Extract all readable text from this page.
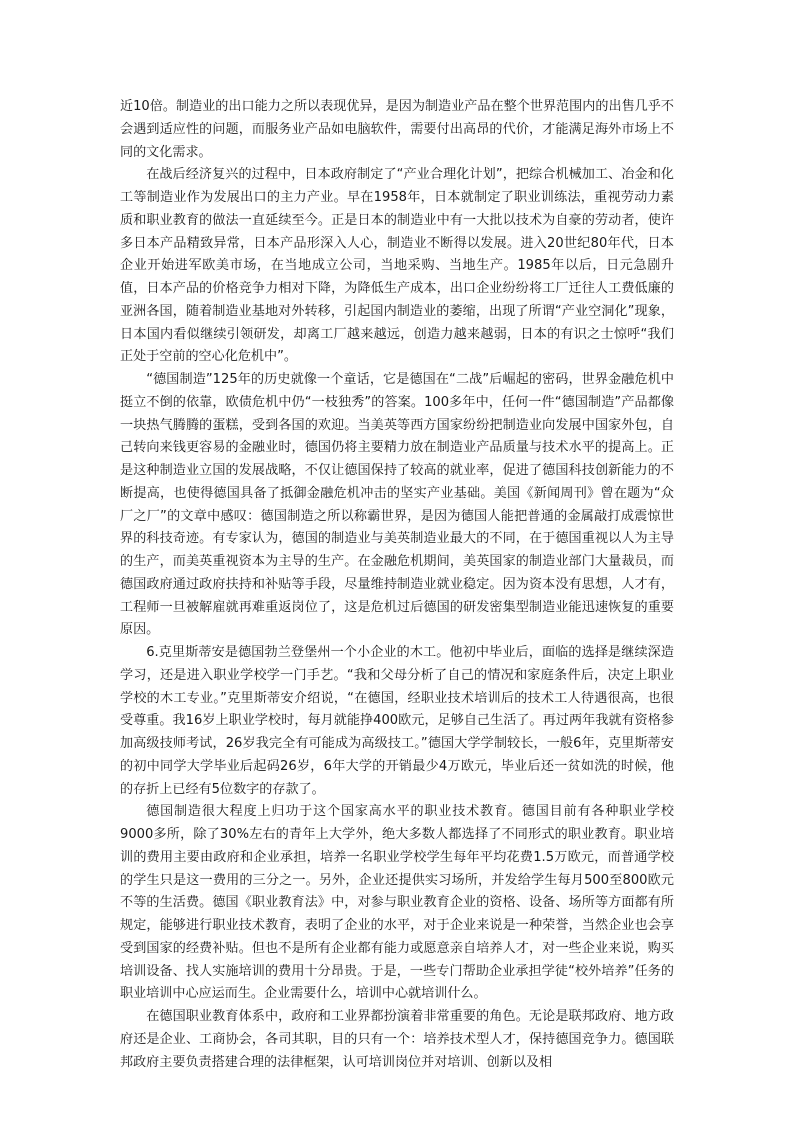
近10倍。制造业的出口能力之所以表现优异，是因为制造业产品在整个世界范围内的出售几乎不会遇到适应性的问题，而服务业产品如电脑软件，需要付出高昂的代价，才能满足海外市场上不同的文化需求。

在战后经济复兴的过程中，日本政府制定了“产业合理化计划”，把综合机械加工、冶金和化工等制造业作为发展出口的主力产业。早在1958年，日本就制定了职业训练法，重视劳动力素质和职业教育的做法一直延续至今。正是日本的制造业中有一大批以技术为自豪的劳动者，使许多日本产品精致异常，日本产品形深入人心，制造业不断得以发展。进入20世纪80年代，日本企业开始进军欧美市场，在当地成立公司，当地采购、当地生产。1985年以后，日元急剧升值，日本产品的价格竞争力相对下降，为降低生产成本，出口企业纷纷将工厂迁往人工费低廉的亚洲各国，随着制造业基地对外转移，引起国内制造业的萎缩，出现了所谓“产业空洞化”现象，日本国内看似继续引领研发，却离工厂越来越远，创造力越来越弱，日本的有识之士惊呼“我们正处于空前的空心化危机中”。

“德国制造”125年的历史就像一个童话，它是德国在“二战”后崛起的密码，世界金融危机中挺立不倒的依靠，欧债危机中仍“一枝独秀”的答案。100多年中，任何一件“德国制造”产品都像一块热气腾腾的蛋糕，受到各国的欢迎。当美英等西方国家纷纷把制造业向发展中国家外包，自己转向来钱更容易的金融业时，德国仍将主要精力放在制造业产品质量与技术水平的提高上。正是这种制造业立国的发展战略，不仅让德国保持了较高的就业率，促进了德国科技创新能力的不断提高，也使得德国具备了抵御金融危机冲击的坚实产业基础。美国《新闻周刊》曾在题为“众厂之厂”的文章中感叹：德国制造之所以称霸世界，是因为德国人能把普通的金属敲打成震惊世界的科技奇迹。有专家认为，德国的制造业与美英制造业最大的不同，在于德国重视以人为主导的生产，而美英重视资本为主导的生产。在金融危机期间，美英国家的制造业部门大量裁员，而德国政府通过政府扶持和补贴等手段，尽量维持制造业就业稳定。因为资本没有思想，人才有，工程师一旦被解雇就再难重返岗位了，这是危机过后德国的研发密集型制造业能迅速恢复的重要原因。

6.克里斯蒂安是德国勃兰登堡州一个小企业的木工。他初中毕业后，面临的选择是继续深造学习，还是进入职业学校学一门手艺。“我和父母分析了自己的情况和家庭条件后，决定上职业学校的木工专业。”克里斯蒂安介绍说，“在德国，经职业技术培训后的技术工人待遇很高，也很受尊重。我16岁上职业学校时，每月就能挣400欧元，足够自己生活了。再过两年我就有资格参加高级技师考试，26岁我完全有可能成为高级技工。”德国大学学制较长，一般6年，克里斯蒂安的初中同学大学毕业后起码26岁，6年大学的开销最少4万欧元，毕业后还一贫如洗的时候，他的存折上已经有5位数字的存款了。

德国制造很大程度上归功于这个国家高水平的职业技术教育。德国目前有各种职业学校9000多所，除了30%左右的青年上大学外，绝大多数人都选择了不同形式的职业教育。职业培训的费用主要由政府和企业承担，培养一名职业学校学生每年平均花费1.5万欧元，而普通学校的学生只是这一费用的三分之一。另外，企业还提供实习场所，并发给学生每月500至800欧元不等的生活费。德国《职业教育法》中，对参与职业教育企业的资格、设备、场所等方面都有所规定，能够进行职业技术教育，表明了企业的水平，对于企业来说是一种荣誉，当然企业也会享受到国家的经费补贴。但也不是所有企业都有能力或愿意亲自培养人才，对一些企业来说，购买培训设备、找人实施培训的费用十分昂贵。于是，一些专门帮助企业承担学徒“校外培养”任务的职业培训中心应运而生。企业需要什么，培训中心就培训什么。

在德国职业教育体系中，政府和工业界都扮演着非常重要的角色。无论是联邦政府、地方政府还是企业、工商协会，各司其职，目的只有一个：培养技术型人才，保持德国竞争力。德国联邦政府主要负责搭建合理的法律框架，认可培训岗位并对培训、创新以及相
